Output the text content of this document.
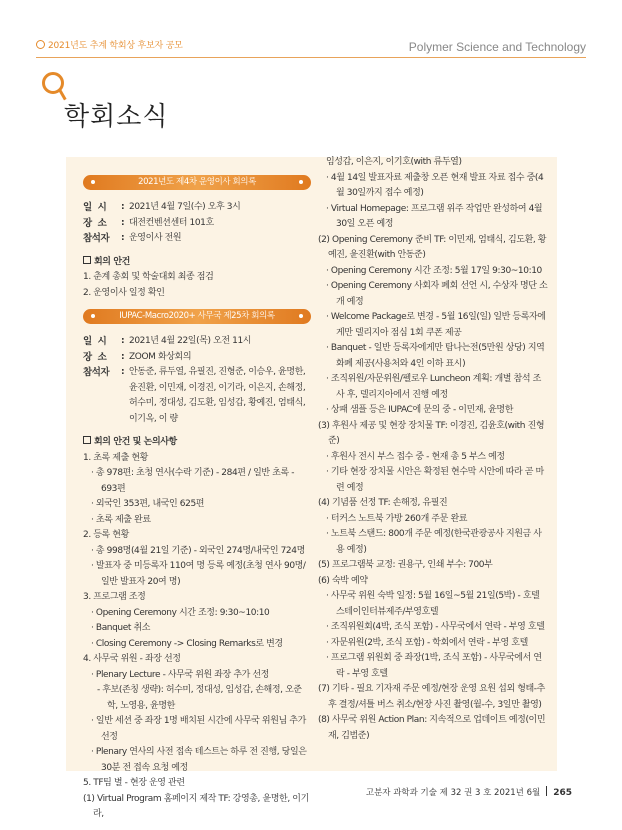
2021년도 추계 학회상 후보자 공모	Polymer Science and Technology
학회소식
2021년도 제4차 운영이사 회의록
일  시	: 2021년 4월 7일(수) 오후 3시
장  소	: 대전컨벤션센터 101호
참석자	: 운영이사 전원
회의 안건
1. 춘계 총회 및 학술대회 최종 점검
2. 운영이사 일정 확인
IUPAC-Macro2020+ 사무국 제25차 회의록
일  시	: 2021년 4월 22일(목) 오전 11시
장  소	: ZOOM 화상회의
참석자	: 안동준, 류두열, 유필진, 진형준, 이승우, 윤명한, 윤진환, 이민재, 이경진, 이기라, 이은지, 손해정, 허수미, 정대성, 김도환, 임성갑, 황예진, 엄태식, 이기옥, 이 량
회의 안건 및 논의사항
1. 초록 제출 현황
· 총 978편: 초청 연사(수락 기준) - 284편 / 일반 초록 - 693편
· 외국인 353편, 내국인 625편
· 초록 제출 완료
2. 등록 현황
· 총 998명(4월 21일 기준) - 외국인 274명/내국인 724명
· 발표자 중 미등록자 110여 명 등록 예정(초청 연사 90명/일반 발표자 20여 명)
3. 프로그램 조정
· Opening Ceremony 시간 조정: 9:30~10:10
· Banquet 취소
· Closing Ceremony -> Closing Remarks로 변경
4. 사무국 위원 - 좌장 선정
· Plenary Lecture - 사무국 위원 좌장 추가 선정
- 후보(존칭 생략): 허수미, 정대성, 임성갑, 손해정, 오준학, 노영용, 윤명한
· 일반 세션 중 좌장 1명 배치된 시간에 사무국 위원님 추가 선정
· Plenary 연사의 사전 접속 테스트는 하루 전 진행, 당일은 30분 전 접속 요청 예정
5. TF팀 별 - 현장 운영 관련
(1) Virtual Program 홈페이지 제작 TF: 강영총, 윤명한, 이기라,
임성갑, 이은지, 이기호(with 류두열)
· 4월 14일 발표자료 제출창 오픈 현재 발표 자료 접수 중(4월 30일까지 접수 예정)
· Virtual Homepage: 프로그램 위주 작업만 완성하여 4월 30일 오픈 예정
(2) Opening Ceremony 준비 TF: 이민재, 엄태식, 김도환, 황예진, 윤진환(with 안동준)
· Opening Ceremony 시간 조정: 5월 17일 9:30~10:10
· Opening Ceremony 사회자 폐회 선언 시, 수상자 명단 소개 예정
· Welcome Package로 변경 - 5월 16일(일) 일반 등록자에게만 델리지아 점심 1회 쿠폰 제공
· Banquet - 일반 등록자에게만 탐나는전(5만원 상당) 지역 화폐 제공(사용처와 4인 이하 표시)
· 조직위원/자문위원/펠로우 Luncheon 계획: 개별 참석 조사 후, 델리지아에서 진행 예정
· 상패 샘플 등은 IUPAC에 문의 중 - 이민재, 윤명한
(3) 후원사 제공 및 현장 장치물 TF: 이경진, 김윤호(with 진형준)
· 후원사 전시 부스 접수 중 - 현재 총 5 부스 예정
· 기타 현장 장치물 시안은 확정된 현수막 시안에 따라 곧 마련 예정
(4) 기념품 선정 TF: 손해정, 유필진
· 터커스 노트북 가방 260개 주문 완료
· 노트북 스탠드: 800개 주문 예정(한국관광공사 지원금 사용 예정)
(5) 프로그램북 교정: 권용구, 인쇄 부수: 700부
(6) 숙박 예약
· 사무국 위원 숙박 일정: 5월 16일~5월 21일(5박) - 호텔 스테이인터뷰제주/부영호텔
· 조직위원회(4박, 조식 포함) - 사무국에서 연락 - 부영 호텔
· 자문위원(2박, 조식 포함) - 학회에서 연락 - 부영 호텔
· 프로그램 위원회 중 좌장(1박, 조식 포함) - 사무국에서 연락 - 부영 호텔
(7) 기타 - 필요 기자재 주문 예정/현장 운영 요원 섭외 형태-추후 결정/셔틀 버스 취소/현장 사진 촬영(월-수, 3일만 촬영)
(8) 사무국 위원 Action Plan: 지속적으로 업데이트 예정(이민재, 김범준)
고분자 과학과 기술 제 32 권 3 호 2021년 6월 265
